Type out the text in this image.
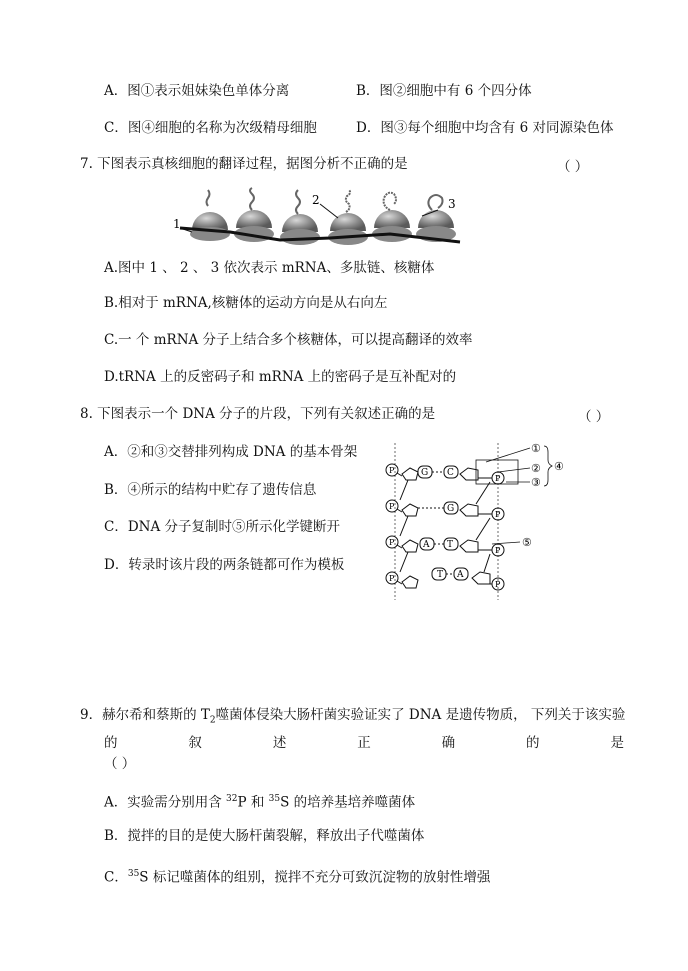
A．图①表示姐妹染色单体分离	B．图②细胞中有 6 个四分体
C．图④细胞的名称为次级精母细胞	D．图③每个细胞中均含有 6 对同源染色体
7. 下图表示真核细胞的翻译过程，据图分析不正确的是	（ ）
1
2	3
A.图中 1 、 2 、 3 依次表示 mRNA、多肽链、核糖体
B.相对于 mRNA,核糖体的运动方向是从右向左
C.一 个 mRNA 分子上结合多个核糖体，可以提高翻译的效率
D.tRNA 上的反密码子和 mRNA 上的密码子是互补配对的
8. 下图表示一个 DNA 分子的片段，下列有关叙述正确的是	（ ）
A．②和③交替排列构成 DNA 的基本骨架
B．④所示的结构中贮存了遗传信息
C．DNA 分子复制时⑤所示化学键断开
D．转录时该片段的两条链都可作为模板
G
A
T
C
G
T
A
P
P
P
P
P
P
P
P
①
②
③
④
⑤
9．赫尔希和蔡斯的 $T_2$噬菌体侵染大肠杆菌实验证实了 DNA 是遗传物质， 下列关于该实验
的	叙	述	正	确	的	是
（ ）
A．实验需分别用含 $^{32}$P 和 $^{35}$S 的培养基培养噬菌体
B．搅拌的目的是使大肠杆菌裂解，释放出子代噬菌体
C．$^{35}$S 标记噬菌体的组别，搅拌不充分可致沉淀物的放射性增强
